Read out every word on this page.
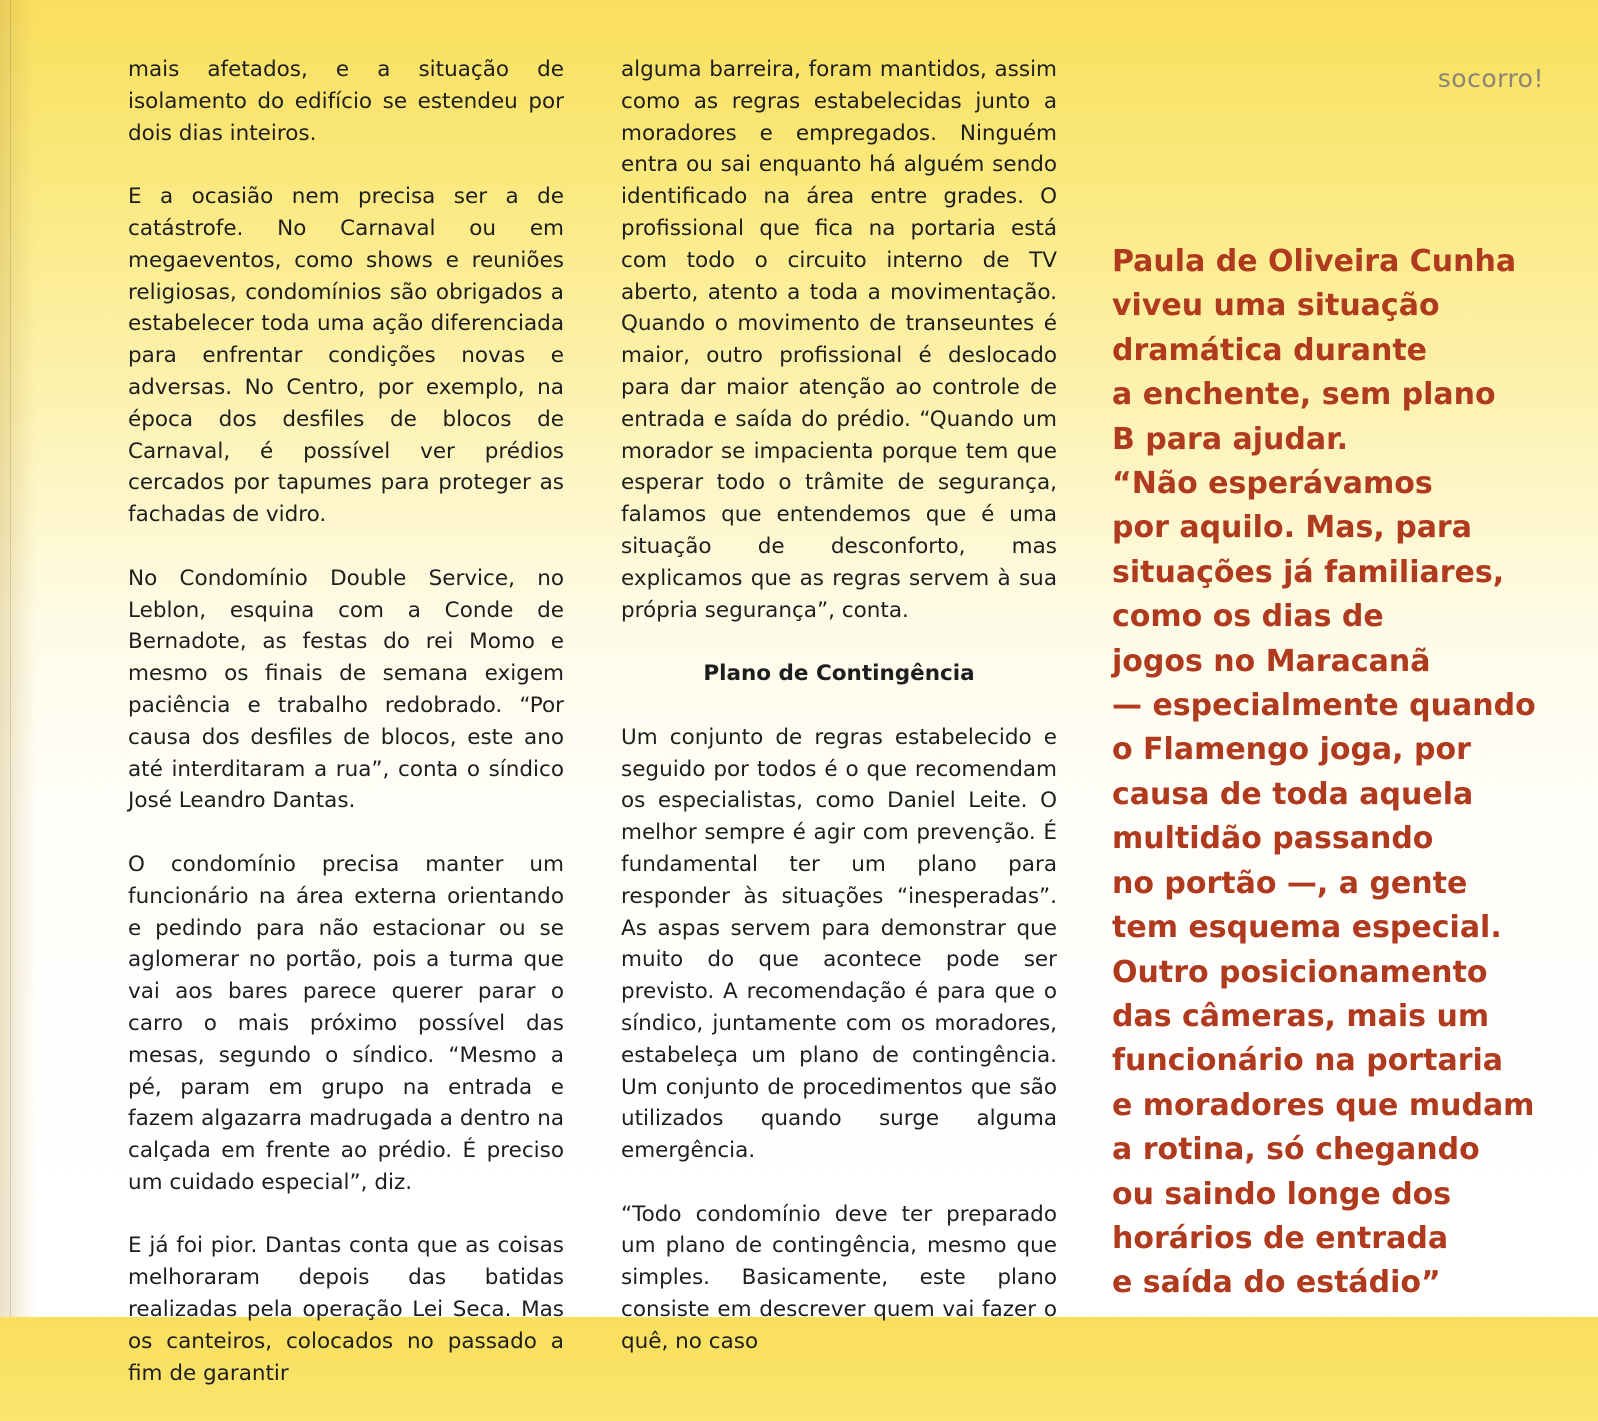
socorro!

mais afetados, e a situação de isolamento do edifício se estendeu por dois dias inteiros.

E a ocasião nem precisa ser a de catástrofe. No Carnaval ou em megaeventos, como shows e reuniões religiosas, condomínios são obrigados a estabelecer toda uma ação diferenciada para enfrentar condições novas e adversas. No Centro, por exemplo, na época dos desfiles de blocos de Carnaval, é possível ver prédios cercados por tapumes para proteger as fachadas de vidro.

No Condomínio Double Service, no Leblon, esquina com a Conde de Bernadote, as festas do rei Momo e mesmo os finais de semana exigem paciência e trabalho redobrado. “Por causa dos desfiles de blocos, este ano até interditaram a rua”, conta o síndico José Leandro Dantas.

O condomínio precisa manter um funcionário na área externa orientando e pedindo para não estacionar ou se aglomerar no portão, pois a turma que vai aos bares parece querer parar o carro o mais próximo possível das mesas, segundo o síndico. “Mesmo a pé, param em grupo na entrada e fazem algazarra madrugada a dentro na calçada em frente ao prédio. É preciso um cuidado especial”, diz.

E já foi pior. Dantas conta que as coisas melhoraram depois das batidas realizadas pela operação Lei Seca. Mas os canteiros, colocados no passado a fim de garantir

alguma barreira, foram mantidos, assim como as regras estabelecidas junto a moradores e empregados. Ninguém entra ou sai enquanto há alguém sendo identificado na área entre grades. O profissional que fica na portaria está com todo o circuito interno de TV aberto, atento a toda a movimentação. Quando o movimento de transeuntes é maior, outro profissional é deslocado para dar maior atenção ao controle de entrada e saída do prédio. “Quando um morador se impacienta porque tem que esperar todo o trâmite de segurança, falamos que entendemos que é uma situação de desconforto, mas explicamos que as regras servem à sua própria segurança”, conta.

Plano de Contingência

Um conjunto de regras estabelecido e seguido por todos é o que recomendam os especialistas, como Daniel Leite. O melhor sempre é agir com prevenção. É fundamental ter um plano para responder às situações “inesperadas”. As aspas servem para demonstrar que muito do que acontece pode ser previsto. A recomendação é para que o síndico, juntamente com os moradores, estabeleça um plano de contingência. Um conjunto de procedimentos que são utilizados quando surge alguma emergência.

“Todo condomínio deve ter preparado um plano de contingência, mesmo que simples. Basicamente, este plano consiste em descrever quem vai fazer o quê, no caso

Paula de Oliveira Cunha
viveu uma situação
dramática durante
a enchente, sem plano
B para ajudar.
“Não esperávamos
por aquilo. Mas, para
situações já familiares,
como os dias de
jogos no Maracanã
— especialmente quando
o Flamengo joga, por
causa de toda aquela
multidão passando
no portão —, a gente
tem esquema especial.
Outro posicionamento
das câmeras, mais um
funcionário na portaria
e moradores que mudam
a rotina, só chegando
ou saindo longe dos
horários de entrada
e saída do estádio”
